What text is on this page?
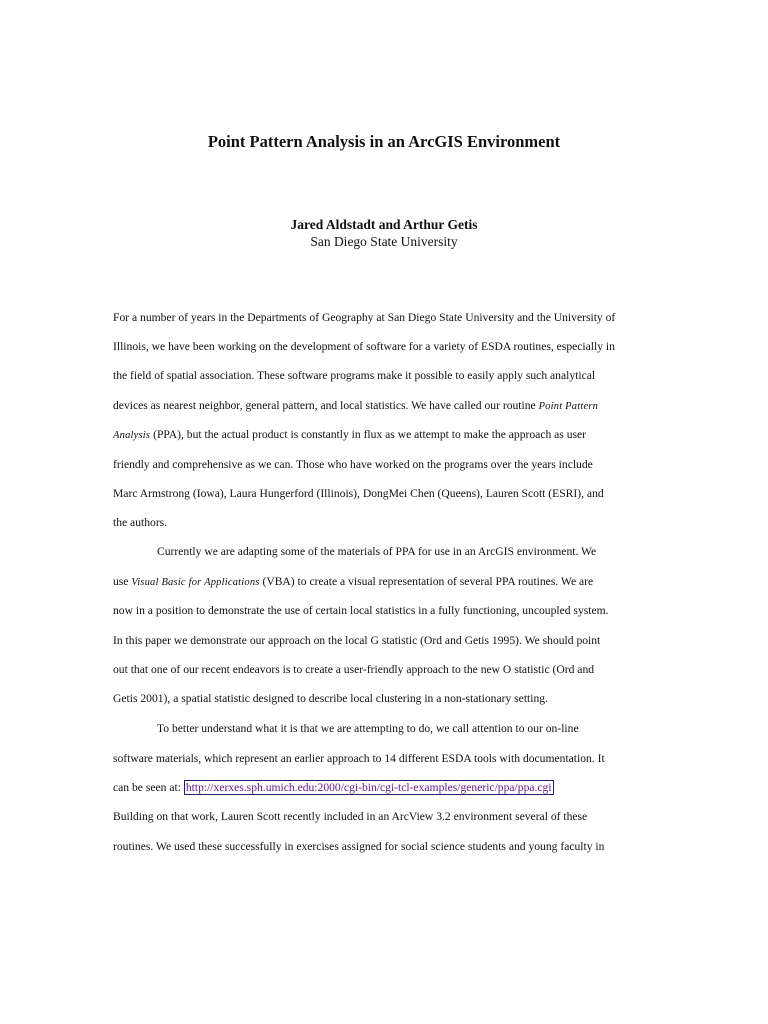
Point Pattern Analysis in an ArcGIS Environment
Jared Aldstadt and Arthur Getis
San Diego State University
For a number of years in the Departments of Geography at San Diego State University and the University of
Illinois, we have been working on the development of software for a variety of ESDA routines, especially in
the field of spatial association. These software programs make it possible to easily apply such analytical
devices as nearest neighbor, general pattern, and local statistics. We have called our routine Point Pattern
Analysis (PPA), but the actual product is constantly in flux as we attempt to make the approach as user
friendly and comprehensive as we can. Those who have worked on the programs over the years include
Marc Armstrong (Iowa), Laura Hungerford (Illinois), DongMei Chen (Queens), Lauren Scott (ESRI), and
the authors.
Currently we are adapting some of the materials of PPA for use in an ArcGIS environment. We
use Visual Basic for Applications (VBA) to create a visual representation of several PPA routines. We are
now in a position to demonstrate the use of certain local statistics in a fully functioning, uncoupled system.
In this paper we demonstrate our approach on the local G statistic (Ord and Getis 1995). We should point
out that one of our recent endeavors is to create a user-friendly approach to the new O statistic (Ord and
Getis 2001), a spatial statistic designed to describe local clustering in a non-stationary setting.
To better understand what it is that we are attempting to do, we call attention to our on-line
software materials, which represent an earlier approach to 14 different ESDA tools with documentation. It
can be seen at: http://xerxes.sph.umich.edu:2000/cgi-bin/cgi-tcl-examples/generic/ppa/ppa.cgi
Building on that work, Lauren Scott recently included in an ArcView 3.2 environment several of these
routines. We used these successfully in exercises assigned for social science students and young faculty in
